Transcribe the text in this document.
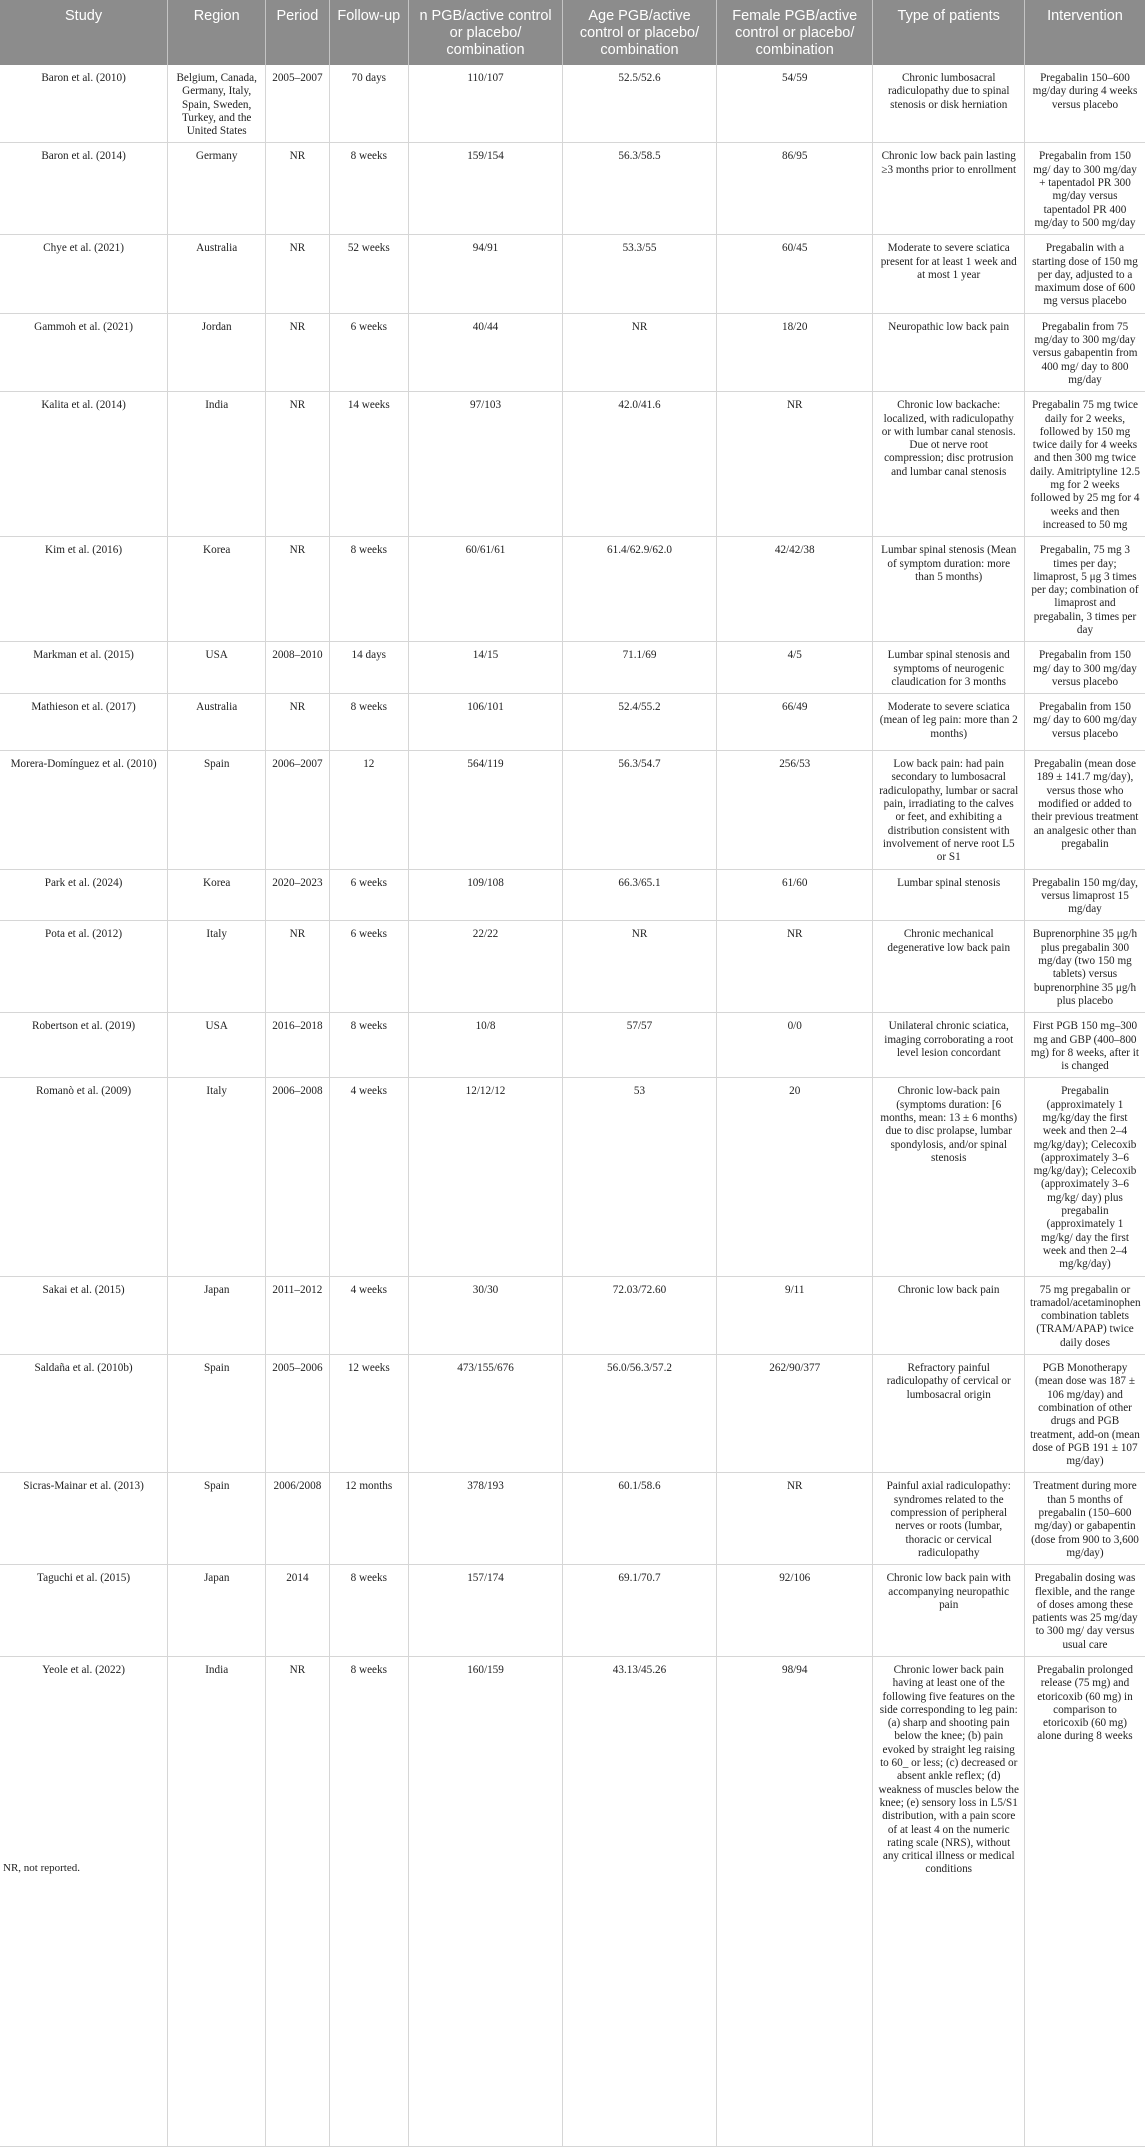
Study	Region	Period	Follow-up	n PGB/active control or placebo/ combination	Age PGB/active control or placebo/ combination	Female PGB/active control or placebo/ combination	Type of patients	Intervention
Baron et al. (2010)	Belgium, Canada, Germany, Italy, Spain, Sweden, Turkey, and the United States	2005–2007	70 days	110/107	52.5/52.6	54/59	Chronic lumbosacral radiculopathy due to spinal stenosis or disk herniation	Pregabalin 150–600 mg/day during 4 weeks versus placebo
Baron et al. (2014)	Germany	NR	8 weeks	159/154	56.3/58.5	86/95	Chronic low back pain lasting ≥3 months prior to enrollment	Pregabalin from 150 mg/ day to 300 mg/day + tapentadol PR 300 mg/day versus tapentadol PR 400 mg/day to 500 mg/day
Chye et al. (2021)	Australia	NR	52 weeks	94/91	53.3/55	60/45	Moderate to severe sciatica present for at least 1 week and at most 1 year	Pregabalin with a starting dose of 150 mg per day, adjusted to a maximum dose of 600 mg versus placebo
Gammoh et al. (2021)	Jordan	NR	6 weeks	40/44	NR	18/20	Neuropathic low back pain	Pregabalin from 75 mg/day to 300 mg/day versus gabapentin from 400 mg/ day to 800 mg/day
Kalita et al. (2014)	India	NR	14 weeks	97/103	42.0/41.6	NR	Chronic low backache: localized, with radiculopathy or with lumbar canal stenosis. Due ot nerve root compression; disc protrusion and lumbar canal stenosis	Pregabalin 75 mg twice daily for 2 weeks, followed by 150 mg twice daily for 4 weeks and then 300 mg twice daily. Amitriptyline 12.5 mg for 2 weeks followed by 25 mg for 4 weeks and then increased to 50 mg
Kim et al. (2016)	Korea	NR	8 weeks	60/61/61	61.4/62.9/62.0	42/42/38	Lumbar spinal stenosis (Mean of symptom duration: more than 5 months)	Pregabalin, 75 mg 3 times per day; limaprost, 5 μg 3 times per day; combination of limaprost and pregabalin, 3 times per day
Markman et al. (2015)	USA	2008–2010	14 days	14/15	71.1/69	4/5	Lumbar spinal stenosis and symptoms of neurogenic claudication for 3 months	Pregabalin from 150 mg/ day to 300 mg/day versus placebo
Mathieson et al. (2017)	Australia	NR	8 weeks	106/101	52.4/55.2	66/49	Moderate to severe sciatica (mean of leg pain: more than 2 months)	Pregabalin from 150 mg/ day to 600 mg/day versus placebo
Morera-Domínguez et al. (2010)	Spain	2006–2007	12	564/119	56.3/54.7	256/53	Low back pain: had pain secondary to lumbosacral radiculopathy, lumbar or sacral pain, irradiating to the calves or feet, and exhibiting a distribution consistent with involvement of nerve root L5 or S1	Pregabalin (mean dose 189 ± 141.7 mg/day), versus those who modified or added to their previous treatment an analgesic other than pregabalin
Park et al. (2024)	Korea	2020–2023	6 weeks	109/108	66.3/65.1	61/60	Lumbar spinal stenosis	Pregabalin 150 mg/day, versus limaprost 15 mg/day
Pota et al. (2012)	Italy	NR	6 weeks	22/22	NR	NR	Chronic mechanical degenerative low back pain	Buprenorphine 35 μg/h plus pregabalin 300 mg/day (two 150 mg tablets) versus buprenorphine 35 μg/h plus placebo
Robertson et al. (2019)	USA	2016–2018	8 weeks	10/8	57/57	0/0	Unilateral chronic sciatica, imaging corroborating a root level lesion concordant	First PGB 150 mg–300 mg and GBP (400–800 mg) for 8 weeks, after it is changed
Romanò et al. (2009)	Italy	2006–2008	4 weeks	12/12/12	53	20	Chronic low-back pain (symptoms duration: [6 months, mean: 13 ± 6 months) due to disc prolapse, lumbar spondylosis, and/or spinal stenosis	Pregabalin (approximately 1 mg/kg/day the first week and then 2–4 mg/kg/day); Celecoxib (approximately 3–6 mg/kg/day); Celecoxib (approximately 3–6 mg/kg/ day) plus pregabalin (approximately 1 mg/kg/ day the first week and then 2–4 mg/kg/day)
Sakai et al. (2015)	Japan	2011–2012	4 weeks	30/30	72.03/72.60	9/11	Chronic low back pain	75 mg pregabalin or tramadol/acetaminophen combination tablets (TRAM/APAP) twice daily doses
Saldaña et al. (2010b)	Spain	2005–2006	12 weeks	473/155/676	56.0/56.3/57.2	262/90/377	Refractory painful radiculopathy of cervical or lumbosacral origin	PGB Monotherapy (mean dose was 187 ± 106 mg/day) and combination of other drugs and PGB treatment, add-on (mean dose of PGB 191 ± 107 mg/day)
Sicras-Mainar et al. (2013)	Spain	2006/2008	12 months	378/193	60.1/58.6	NR	Painful axial radiculopathy: syndromes related to the compression of peripheral nerves or roots (lumbar, thoracic or cervical radiculopathy	Treatment during more than 5 months of pregabalin (150–600 mg/day) or gabapentin (dose from 900 to 3,600 mg/day)
Taguchi et al. (2015)	Japan	2014	8 weeks	157/174	69.1/70.7	92/106	Chronic low back pain with accompanying neuropathic pain	Pregabalin dosing was flexible, and the range of doses among these patients was 25 mg/day to 300 mg/ day versus usual care
Yeole et al. (2022)	India	NR	8 weeks	160/159	43.13/45.26	98/94	Chronic lower back pain having at least one of the following five features on the side corresponding to leg pain: (a) sharp and shooting pain below the knee; (b) pain evoked by straight leg raising to 60_ or less; (c) decreased or absent ankle reflex; (d) weakness of muscles below the knee; (e) sensory loss in L5/S1 distribution, with a pain score of at least 4 on the numeric rating scale (NRS), without any critical illness or medical conditions	Pregabalin prolonged release (75 mg) and etoricoxib (60 mg) in comparison to etoricoxib (60 mg) alone during 8 weeks
NR, not reported.
